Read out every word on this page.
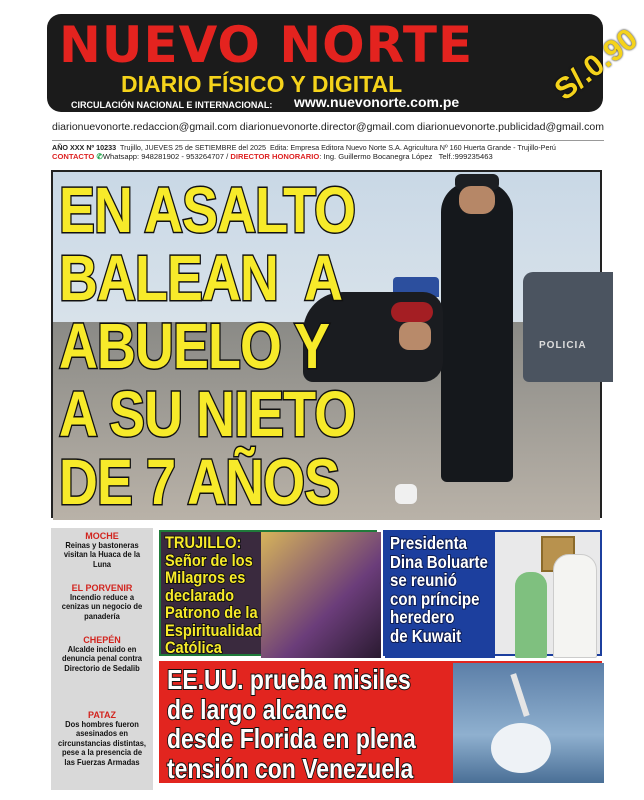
NUEVO NORTE
DIARIO FÍSICO Y DIGITAL
CIRCULACIÓN NACIONAL E INTERNACIONAL: www.nuevonorte.com.pe	S/.0.90
diarionuevonorte.redaccion@gmail.com diarionuevonorte.director@gmail.com diarionuevonorte.publicidad@gmail.com
AÑO XXX Nº 10233 Trujillo, JUEVES 25 de SETIEMBRE del 2025 Edita: Empresa Editora Nuevo Norte S.A. Agricultura Nº 160 Huerta Grande - Trujillo-Perú
CONTACTO ✆Whatsapp: 948281902 - 953264707 / DIRECTOR HONORARIO: Ing. Guillermo Bocanegra López Telf.:999235463
POLICIA
EN ASALTO
BALEAN  A
ABUELO Y
A SU NIETO
DE 7 AÑOS
MOCHE
Reinas y bastoneras visitan la Huaca de la Luna
EL PORVENIR
Incendio reduce a cenizas un negocio de panadería
CHEPÉN
Alcalde incluido en denuncia penal contra Directorio de Sedalib
PATAZ
Dos hombres fueron asesinados en circunstancias distintas, pese a la presencia de las Fuerzas Armadas
TRUJILLO:
Señor de los
Milagros es
declarado
Patrono de la
Espiritualidad
Católica
Presidenta
Dina Boluarte
se reunió
con príncipe
heredero
de Kuwait
EE.UU. prueba misiles
de largo alcance
desde Florida en plena
tensión con Venezuela
